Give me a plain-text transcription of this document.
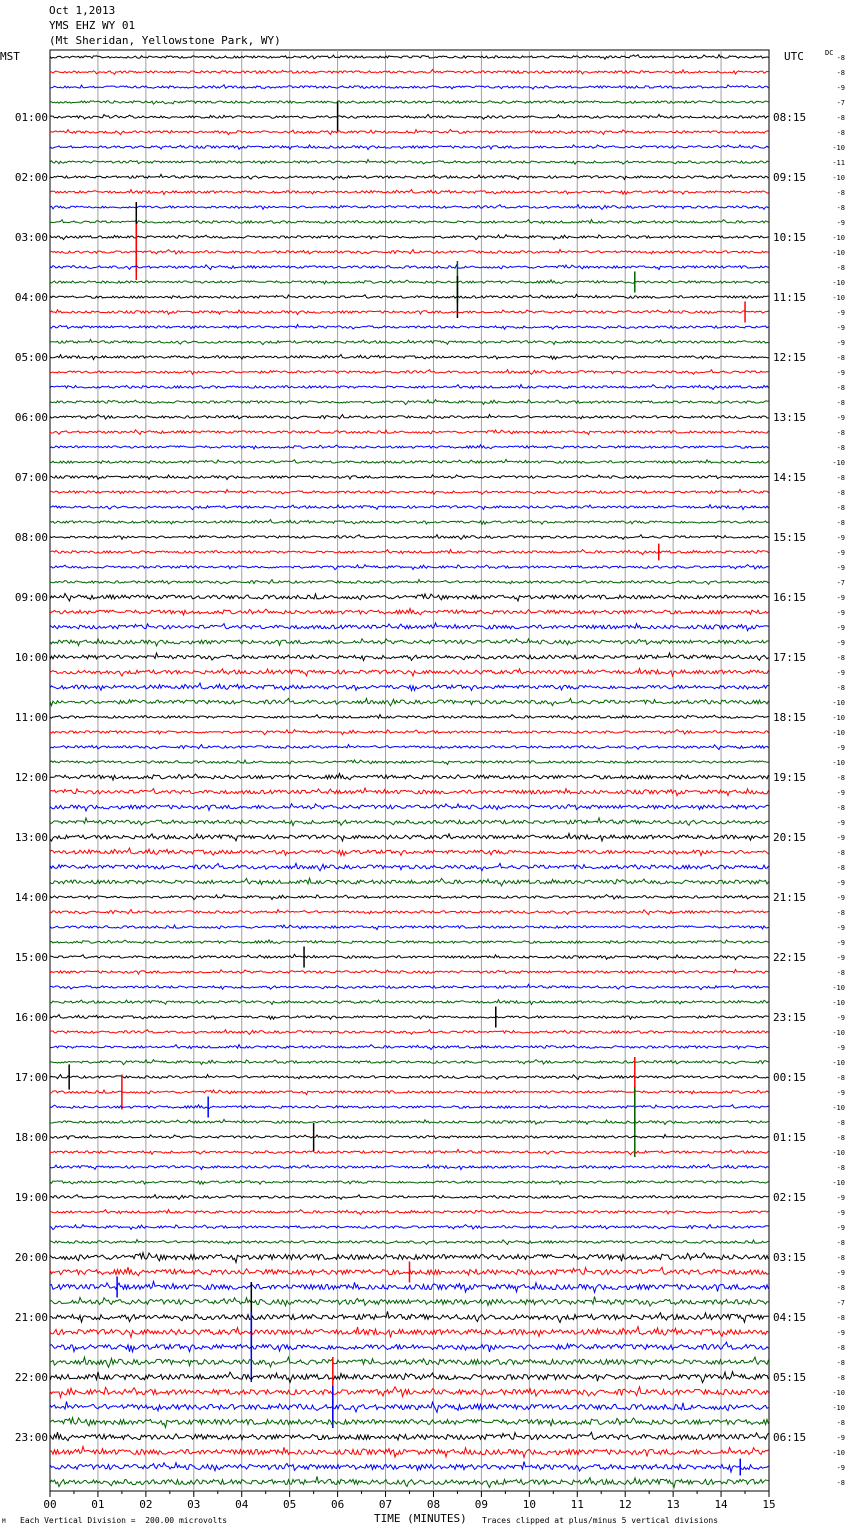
Oct 1,2013
YMS EHZ WY 01
(Mt Sheridan, Yellowstone Park, WY)
MST	UTC	DC
00	01	02	03	04	05	06	07	08	09	10	11	12	13	14	15
-8
-8
-9
-7
-8
01:00	08:15
-8
-10
-11
-10
02:00	09:15
-8
-8
-9
-10
03:00	10:15
-10
-8
-10
-10
04:00	11:15
-9
-9
-9
-8
05:00	12:15
-9
-8
-8
-9
06:00	13:15
-8
-8
-10
-8
07:00	14:15
-8
-8
-8
-9
08:00	15:15
-9
-9
-7
-9
09:00	16:15
-9
-9
-9
-8
10:00	17:15
-9
-8
-10
-10
11:00	18:15
-10
-9
-10
-8
12:00	19:15
-9
-8
-9
-9
13:00	20:15
-8
-8
-9
-9
14:00	21:15
-8
-9
-9
-9
15:00	22:15
-8
-10
-10
-9
16:00	23:15
-10
-9
-10
-8
17:00	00:15
-9
-10
-8
-8
18:00	01:15
-10
-8
-10
-9
19:00	02:15
-9
-9
-8
-8
20:00	03:15
-9
-8
-7
-8
21:00	04:15
-9
-8
-8
-8
22:00	05:15
-10
-10
-8
-9
23:00	06:15
-10
-9
-8
TIME (MINUTES)
Each Vertical Division =  200.00 microvolts	Traces clipped at plus/minus 5 vertical divisions
M
